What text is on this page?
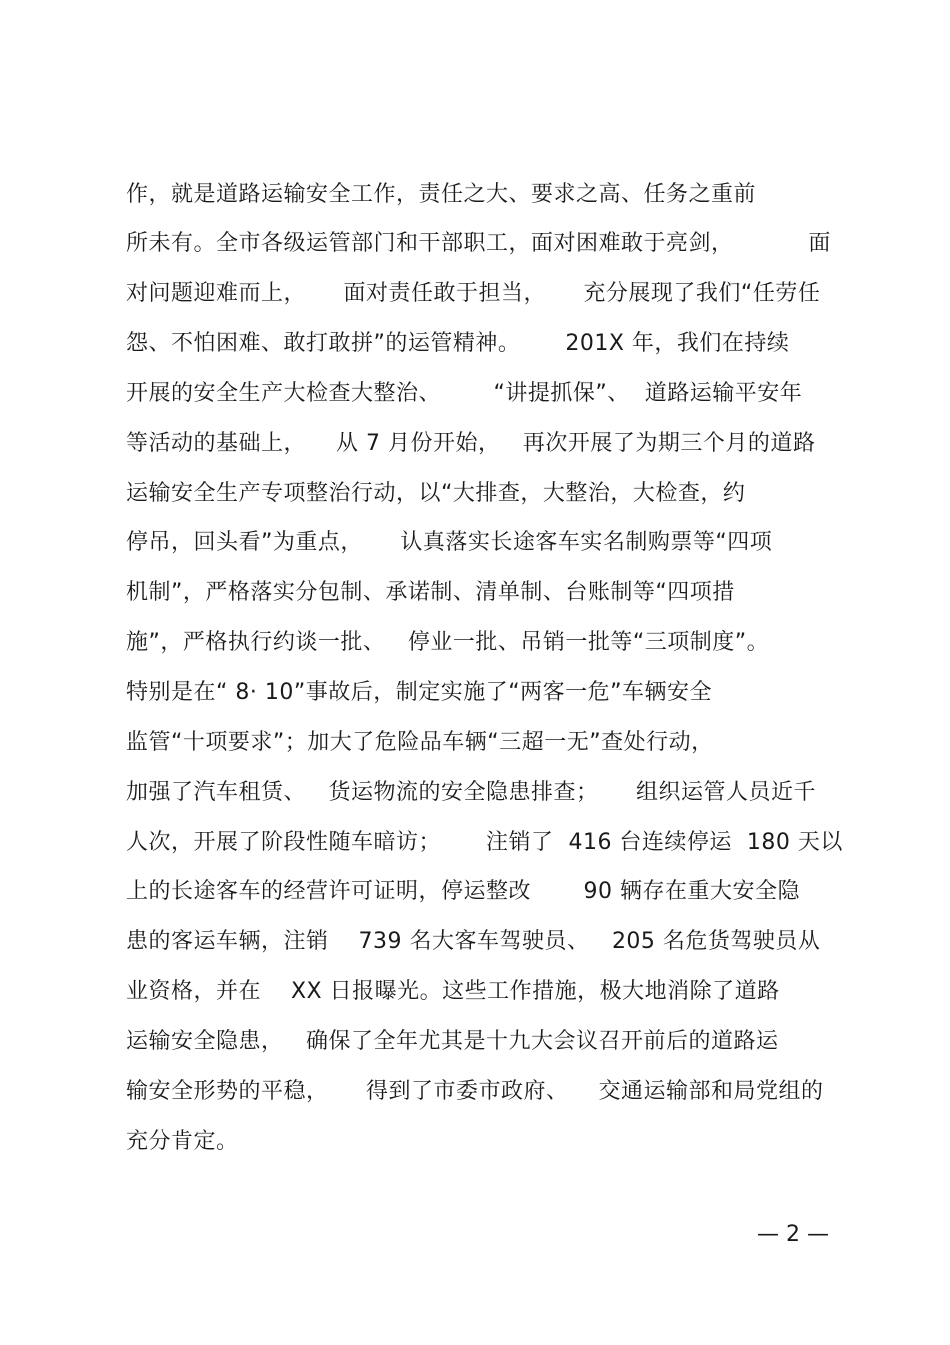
作，就是道路运输安全工作，责任之大、要求之高、任务之重前
所未有。全市各级运管部门和干部职工，面对困难敢于亮剑，          面
对问题迎难而上，     面对责任敢于担当，     充分展现了我们“任劳任
怨、不怕困难、敢打敢拼”的运管精神。      201X 年，我们在持续
开展的安全生产大检查大整治、       “讲提抓保”、  道路运输平安年
等活动的基础上，    从 7 月份开始，   再次开展了为期三个月的道路
运输安全生产专项整治行动，以“大排查，大整治，大检查，约
停吊，回头看”为重点，     认真落实长途客车实名制购票等“四项
机制”，严格落实分包制、承诺制、清单制、台账制等“四项措
施”，严格执行约谈一批、   停业一批、吊销一批等“三项制度”。
特别是在“ 8· 10”事故后，制定实施了“两客一危”车辆安全
监管“十项要求”；加大了危险品车辆“三超一无”查处行动，
加强了汽车租赁、   货运物流的安全隐患排查；     组织运管人员近千
人次，开展了阶段性随车暗访；      注销了  416 台连续停运  180 天以
上的长途客车的经营许可证明，停运整改       90 辆存在重大安全隐
患的客运车辆，注销    739 名大客车驾驶员、   205 名危货驾驶员从
业资格，并在    XX 日报曝光。这些工作措施，极大地消除了道路
运输安全隐患，   确保了全年尤其是十九大会议召开前后的道路运
输安全形势的平稳，     得到了市委市政府、    交通运输部和局党组的
充分肯定。
— 2 —
